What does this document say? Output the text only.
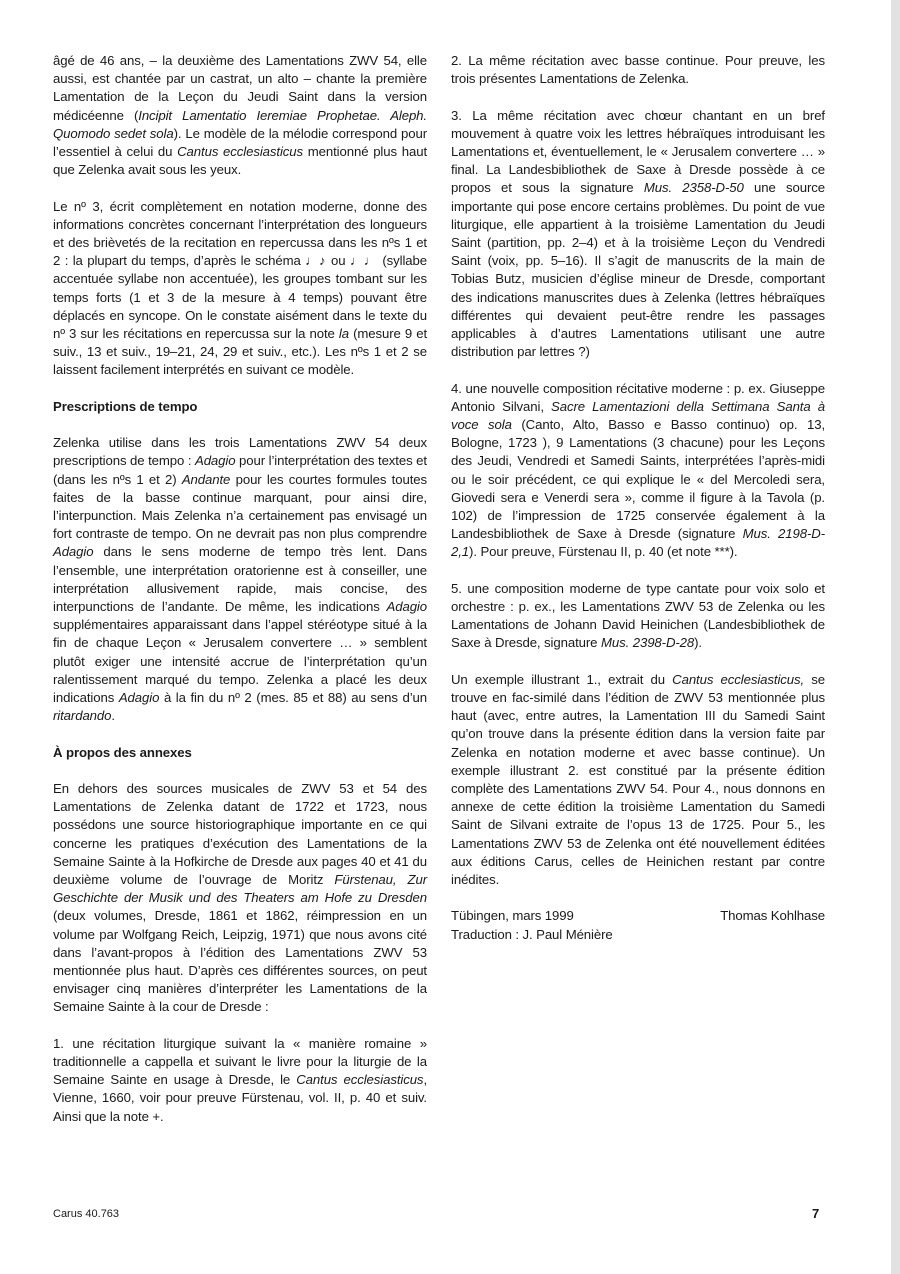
âgé de 46 ans, – la deuxième des Lamentations ZWV 54, elle aussi, est chantée par un castrat, un alto – chante la première Lamentation de la Leçon du Jeudi Saint dans la version médicéenne (Incipit Lamentatio Ieremiae Prophetae. Aleph. Quomodo sedet sola). Le modèle de la mélodie correspond pour l’essentiel à celui du Cantus ecclesiasticus mentionné plus haut que Zelenka avait sous les yeux.

Le nº 3, écrit complètement en notation moderne, donne des informations concrètes concernant l’interprétation des longueurs et des brièvetés de la recitation en repercussa dans les nºs 1 et 2 : la plupart du temps, d’après le schéma ♩♪ ou ♩♩ (syllabe accentuée syllabe non accentuée), les groupes tombant sur les temps forts (1 et 3 de la mesure à 4 temps) pouvant être déplacés en syncope. On le constate aisément dans le texte du nº 3 sur les récitations en repercussa sur la note la (mesure 9 et suiv., 13 et suiv., 19–21, 24, 29 et suiv., etc.). Les nºs 1 et 2 se laissent facilement interprétés en suivant ce modèle.

Prescriptions de tempo

Zelenka utilise dans les trois Lamentations ZWV 54 deux prescriptions de tempo : Adagio pour l’interprétation des textes et (dans les nºs 1 et 2) Andante pour les courtes formules toutes faites de la basse continue marquant, pour ainsi dire, l’interpunction. Mais Zelenka n’a certainement pas envisagé un fort contraste de tempo. On ne devrait pas non plus comprendre Adagio dans le sens moderne de tempo très lent. Dans l’ensemble, une interprétation oratorienne est à conseiller, une interprétation allusivement rapide, mais concise, des interpunctions de l’andante. De même, les indications Adagio supplémentaires apparaissant dans l’appel stéréotype situé à la fin de chaque Leçon « Jerusalem convertere … » semblent plutôt exiger une intensité accrue de l’interprétation qu’un ralentissement marqué du tempo. Zelenka a placé les deux indications Adagio à la fin du nº 2 (mes. 85 et 88) au sens d’un ritardando.

À propos des annexes

En dehors des sources musicales de ZWV 53 et 54 des Lamentations de Zelenka datant de 1722 et 1723, nous possédons une source historiographique importante en ce qui concerne les pratiques d’exécution des Lamentations de la Semaine Sainte à la Hofkirche de Dresde aux pages 40 et 41 du deuxième volume de l’ouvrage de Moritz Fürstenau, Zur Geschichte der Musik und des Theaters am Hofe zu Dresden (deux volumes, Dresde, 1861 et 1862, réimpression en un volume par Wolfgang Reich, Leipzig, 1971) que nous avons cité dans l’avant-propos à l’édition des Lamentations ZWV 53 mentionnée plus haut. D’après ces différentes sources, on peut envisager cinq manières d’interpréter les Lamentations de la Semaine Sainte à la cour de Dresde :

1. une récitation liturgique suivant la « manière romaine » traditionnelle a cappella et suivant le livre pour la liturgie de la Semaine Sainte en usage à Dresde, le Cantus ecclesiasticus, Vienne, 1660, voir pour preuve Fürstenau, vol. II, p. 40 et suiv. Ainsi que la note +.

2. La même récitation avec basse continue. Pour preuve, les trois présentes Lamentations de Zelenka.

3. La même récitation avec chœur chantant en un bref mouvement à quatre voix les lettres hébraïques introduisant les Lamentations et, éventuellement, le « Jerusalem convertere … » final. La Landesbibliothek de Saxe à Dresde possède à ce propos et sous la signature Mus. 2358-D-50 une source importante qui pose encore certains problèmes. Du point de vue liturgique, elle appartient à la troisième Lamentation du Jeudi Saint (partition, pp. 2–4) et à la troisième Leçon du Vendredi Saint (voix, pp. 5–16). Il s’agit de manuscrits de la main de Tobias Butz, musicien d’église mineur de Dresde, comportant des indications manuscrites dues à Zelenka (lettres hébraïques différentes qui devaient peut-être rendre les passages applicables à d’autres Lamentations utilisant une autre distribution par lettres ?)

4. une nouvelle composition récitative moderne : p. ex. Giuseppe Antonio Silvani, Sacre Lamentazioni della Settimana Santa à voce sola (Canto, Alto, Basso e Basso continuo) op. 13, Bologne, 1723 ), 9 Lamentations (3 chacune) pour les Leçons des Jeudi, Vendredi et Samedi Saints, interprétées l’après-midi ou le soir précédent, ce qui explique le « del Mercoledi sera, Giovedi sera e Venerdi sera », comme il figure à la Tavola (p. 102) de l’impression de 1725 conservée également à la Landesbibliothek de Saxe à Dresde (signature Mus. 2198-D-2,1). Pour preuve, Fürstenau II, p. 40 (et note ***).

5. une composition moderne de type cantate pour voix solo et orchestre : p. ex., les Lamentations ZWV 53 de Zelenka ou les Lamentations de Johann David Heinichen (Landesbibliothek de Saxe à Dresde, signature Mus. 2398-D-28).

Un exemple illustrant 1., extrait du Cantus ecclesiasticus, se trouve en fac-similé dans l’édition de ZWV 53 mentionnée plus haut (avec, entre autres, la Lamentation III du Samedi Saint qu’on trouve dans la présente édition dans la version faite par Zelenka en notation moderne et avec basse continue). Un exemple illustrant 2. est constitué par la présente édition complète des Lamentations ZWV 54. Pour 4., nous donnons en annexe de cette édition la troisième Lamentation du Samedi Saint de Silvani extraite de l’opus 13 de 1725. Pour 5., les Lamentations ZWV 53 de Zelenka ont été nouvellement éditées aux éditions Carus, celles de Heinichen restant par contre inédites.

Tübingen, mars 1999	Thomas Kohlhase
Traduction : J. Paul Ménière
Carus 40.763	7
